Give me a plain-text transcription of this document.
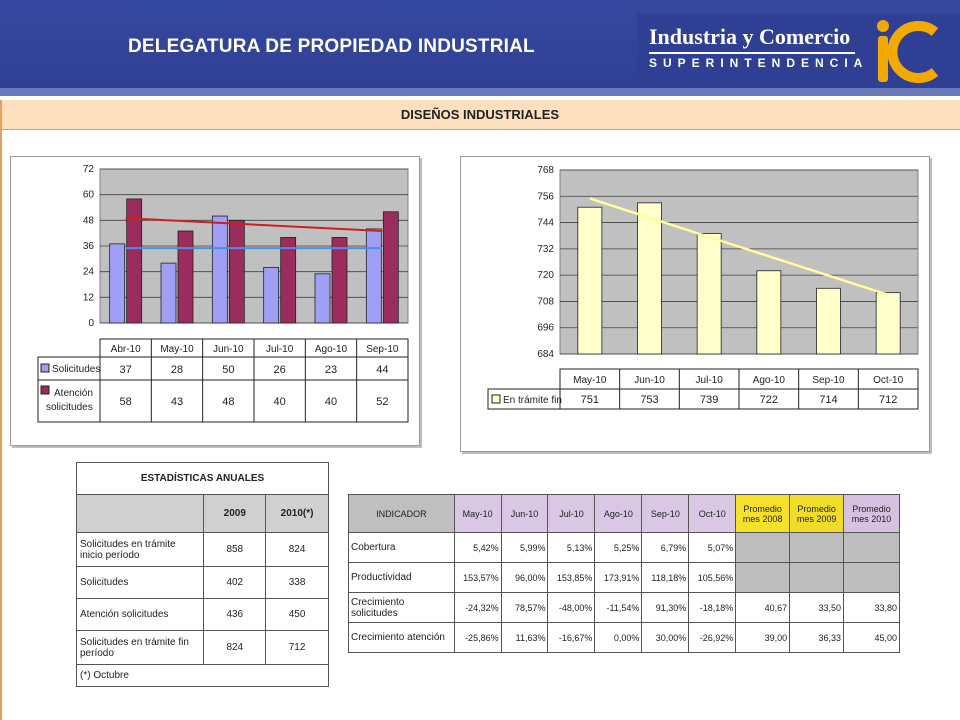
DELEGATURA DE PROPIEDAD INDUSTRIAL	Industria y Comercio
SUPERINTENDENCIA
DISEÑOS INDUSTRIALES
72
60
48
36
24
12
0
Abr-10 May-10 Jun-10 Jul-10 Ago-10 Sep-10
Solicitudes
Atención
solicitudes
37	28	50	26	23	44
58	43	48	40	40	52
768
756
744
732
720
708
696
684
May-10	Jun-10	Jul-10	Ago-10	Sep-10	Oct-10
En trámite fin 751	753	739	722	714	712
ESTADÍSTICAS ANUALES		
	2009	2010(*)
Solicitudes en trámite inicio período	858	824
Solicitudes	402	338
Atención solicitudes	436	450
Solicitudes en trámite fin período	824	712
(*) Octubre		
INDICADOR	May-10	Jun-10	Jul-10	Ago-10	Sep-10	Oct-10	Promedio mes 2008	Promedio mes 2009	Promedio mes 2010
Cobertura	5,42%	5,99%	5,13%	5,25%	6,79%	5,07%			
Productividad	153,57%	96,00%	153,85%	173,91%	118,18%	105,56%			
Crecimiento solicitudes	-24,32%	78,57%	-48,00%	-11,54%	91,30%	-18,18%	40,67	33,50	33,80
Crecimiento atención	-25,86%	11,63%	-16,67%	0,00%	30,00%	-26,92%	39,00	36,33	45,00
